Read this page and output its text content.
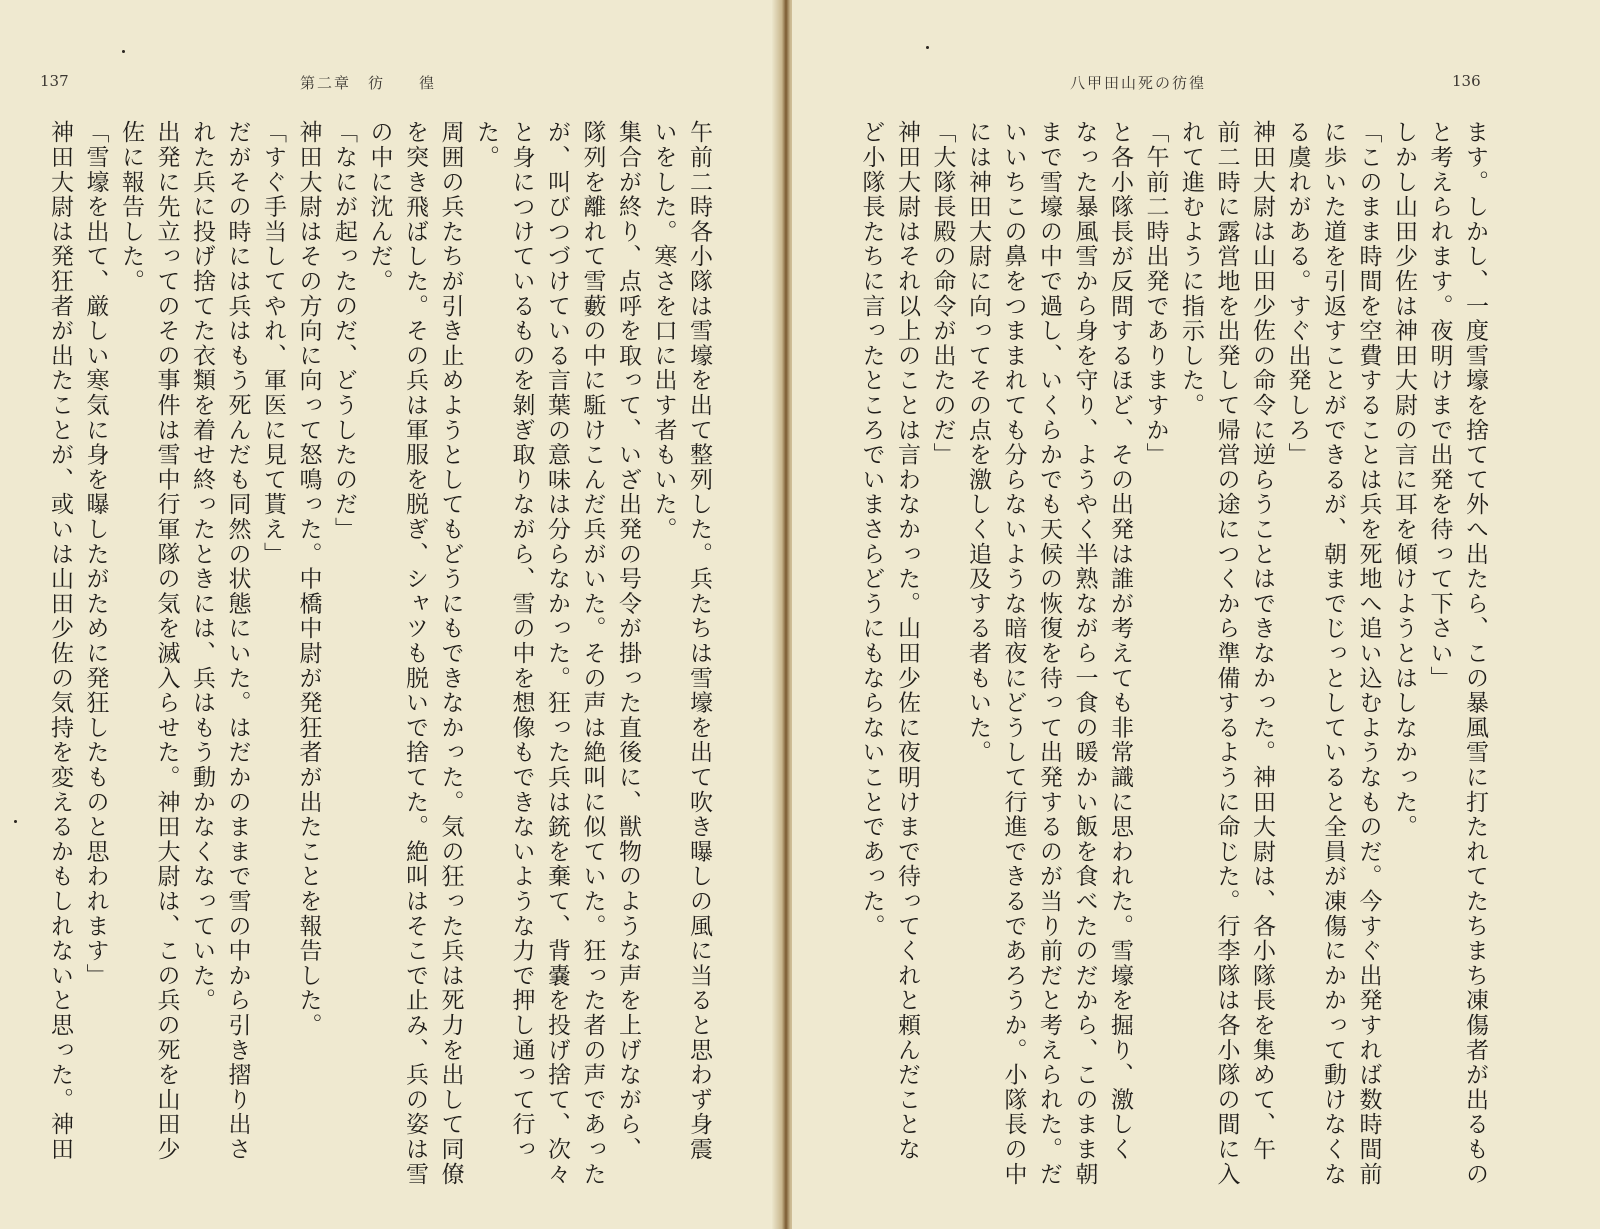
137	第二章　彷　　徨
午前二時各小隊は雪壕を出て整列した。兵たちは雪壕を出て吹き曝しの風に当ると思わず身震
いをした。寒さを口に出す者もいた。
集合が終り、点呼を取って、いざ出発の号令が掛った直後に、獣物のような声を上げながら、
隊列を離れて雪藪の中に駈けこんだ兵がいた。その声は絶叫に似ていた。狂った者の声であった
が、叫びつづけている言葉の意味は分らなかった。狂った兵は銃を棄て、背嚢を投げ捨て、次々
と身につけているものを剝ぎ取りながら、雪の中を想像もできないような力で押し通って行った。
周囲の兵たちが引き止めようとしてもどうにもできなかった。気の狂った兵は死力を出して同僚
を突き飛ばした。その兵は軍服を脱ぎ、シャツも脱いで捨てた。絶叫はそこで止み、兵の姿は雪
の中に沈んだ。
「なにが起ったのだ、どうしたのだ」
神田大尉はその方向に向って怒鳴った。中橋中尉が発狂者が出たことを報告した。
「すぐ手当してやれ、軍医に見て貰え」
だがその時には兵はもう死んだも同然の状態にいた。はだかのままで雪の中から引き摺り出さ
れた兵に投げ捨てた衣類を着せ終ったときには、兵はもう動かなくなっていた。
出発に先立ってのその事件は雪中行軍隊の気を滅入らせた。神田大尉は、この兵の死を山田少
佐に報告した。
「雪壕を出て、厳しい寒気に身を曝したがために発狂したものと思われます」
神田大尉は発狂者が出たことが、或いは山田少佐の気持を変えるかもしれないと思った。神田
八甲田山死の彷徨	136
ます。しかし、一度雪壕を捨てて外へ出たら、この暴風雪に打たれてたちまち凍傷者が出るもの
と考えられます。夜明けまで出発を待って下さい」
しかし山田少佐は神田大尉の言に耳を傾けようとはしなかった。
「このまま時間を空費することは兵を死地へ追い込むようなものだ。今すぐ出発すれば数時間前
に歩いた道を引返すことができるが、朝までじっとしていると全員が凍傷にかかって動けなくな
る虞れがある。すぐ出発しろ」
神田大尉は山田少佐の命令に逆らうことはできなかった。神田大尉は、各小隊長を集めて、午
前二時に露営地を出発して帰営の途につくから準備するように命じた。行李隊は各小隊の間に入
れて進むように指示した。
「午前二時出発でありますか」
と各小隊長が反問するほど、その出発は誰が考えても非常識に思われた。雪壕を掘り、激しく
なった暴風雪から身を守り、ようやく半熟ながら一食の暖かい飯を食べたのだから、このまま朝
まで雪壕の中で過し、いくらかでも天候の恢復を待って出発するのが当り前だと考えられた。だ
いいちこの鼻をつままれても分らないような暗夜にどうして行進できるであろうか。小隊長の中
には神田大尉に向ってその点を激しく追及する者もいた。
「大隊長殿の命令が出たのだ」
神田大尉はそれ以上のことは言わなかった。山田少佐に夜明けまで待ってくれと頼んだことな
ど小隊長たちに言ったところでいまさらどうにもならないことであった。
